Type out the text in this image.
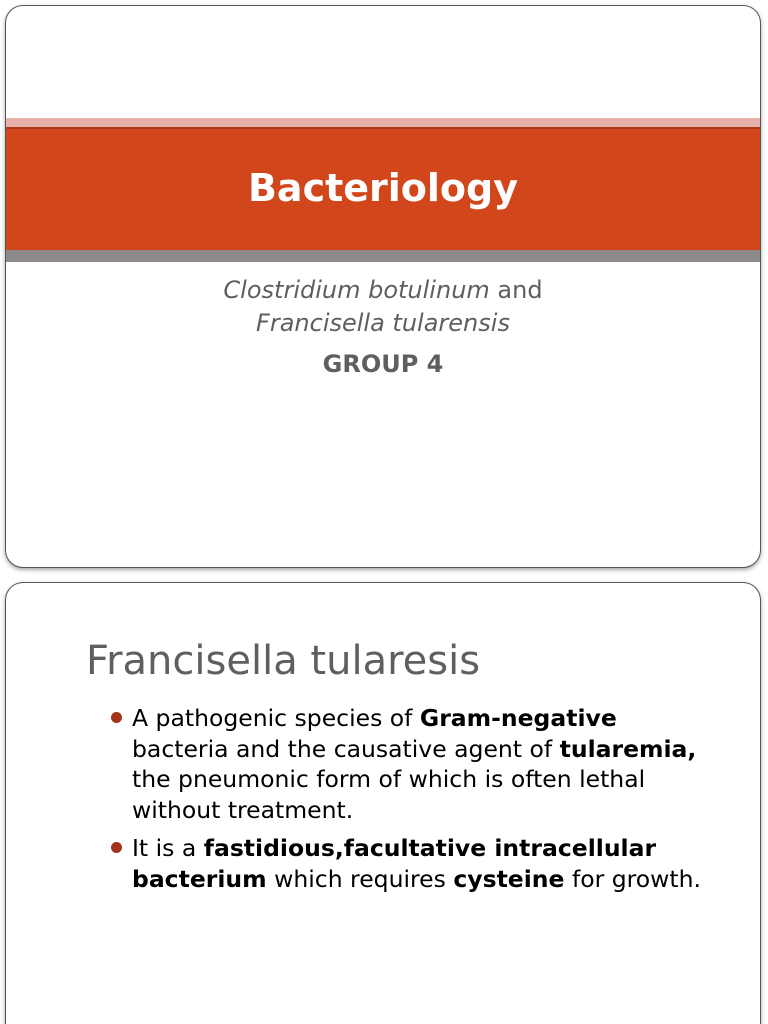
Bacteriology
Clostridium botulinum and
Francisella tularensis
GROUP 4
Francisella tularesis
A pathogenic species of Gram-negative bacteria and the causative agent of tularemia, the pneumonic form of which is often lethal without treatment.
It is a fastidious,facultative intracellular bacterium which requires cysteine for growth.
